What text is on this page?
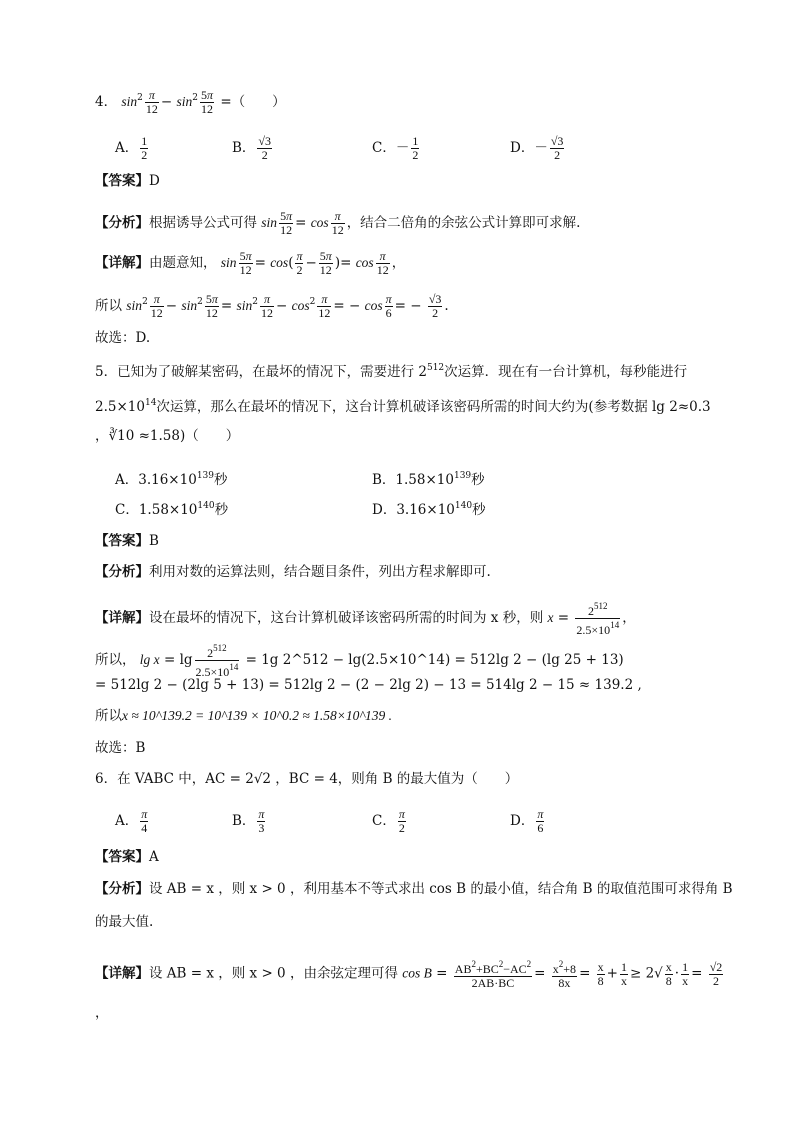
4． $\sin^2 \frac{\pi}{12} - \sin^2 \frac{5\pi}{12}$ =（　　）
A． $\frac{1}{2}$	B． $\frac{√3}{2}$	C．－ $\frac{1}{2}$	D．－ $\frac{√3}{2}$
【答案】D
【分析】根据诱导公式可得 $\sin \frac{5\pi}{12} = \cos \frac{\pi}{12}$ ，结合二倍角的余弦公式计算即可求解.
【详解】由题意知， $\sin \frac{5\pi}{12} = \cos( \frac{\pi}{2} - \frac{5\pi}{12}$ )= $\cos \frac{\pi}{12}$ ，
所以 $\sin^2 \frac{\pi}{12} - \sin^2 \frac{5\pi}{12} = \sin^2 \frac{\pi}{12} - \cos^2 \frac{\pi}{12}$ = − $\cos \frac{\pi}{6}$ = − $\frac{√3}{2}$ .
故选：D.
5．已知为了破解某密码，在最坏的情况下，需要进行 $2^{512}$次运算．现在有一台计算机，每秒能进行
$2.5\times 10^{14}$次运算，那么在最坏的情况下，这台计算机破译该密码所需的时间大约为(参考数据 lg 2≈0.3
，∛10 ≈1.58)（　　）
A．$3.16\times 10^{139}$秒	B．$1.58\times 10^{139}$秒
C．$1.58\times 10^{140}$秒	D．$3.16\times 10^{140}$秒
【答案】B
【分析】利用对数的运算法则，结合题目条件，列出方程求解即可.
【详解】设在最坏的情况下，这台计算机破译该密码所需的时间为 x 秒，则 $x = \frac{2^{512}}{2.5\times 10^{14}}$ ，
所以， $\lg x = \lg \frac{2^{512}}{2.5\times 10^{14}} = 1g$ 2^512 − lg(2.5×10^14) = 512lg 2 − (lg 25 + 13)
= 512lg 2 − (2lg 5 + 13) = 512lg 2 − (2 − 2lg 2) − 13 = 514lg 2 − 15 ≈ 139.2 ,
所以x ≈ 10^139.2 = 10^139 × 10^0.2 ≈ 1.58×10^139 .
故选：B
6．在 VABC 中，AC = 2√2 ，BC = 4，则角 B 的最大值为（　　）
A． $\frac{\pi}{4}$	B． $\frac{\pi}{3}$	C． $\frac{\pi}{2}$	D． $\frac{\pi}{6}$
【答案】A
【分析】设 AB = x ，则 x > 0 ，利用基本不等式求出 cos B 的最小值，结合角 B 的取值范围可求得角 B
的最大值.
【详解】设 AB = x ，则 x > 0 ，由余弦定理可得 $\cos B = \frac{AB^2+BC^2-AC^2}{2AB\cdot BC} = \frac{x^2+8}{8x} = \frac{x}{8} + \frac{1}{x} \ge 2√ \frac{x}{8} \cdot \frac{1}{x} = \frac{√2}{2}$
，
